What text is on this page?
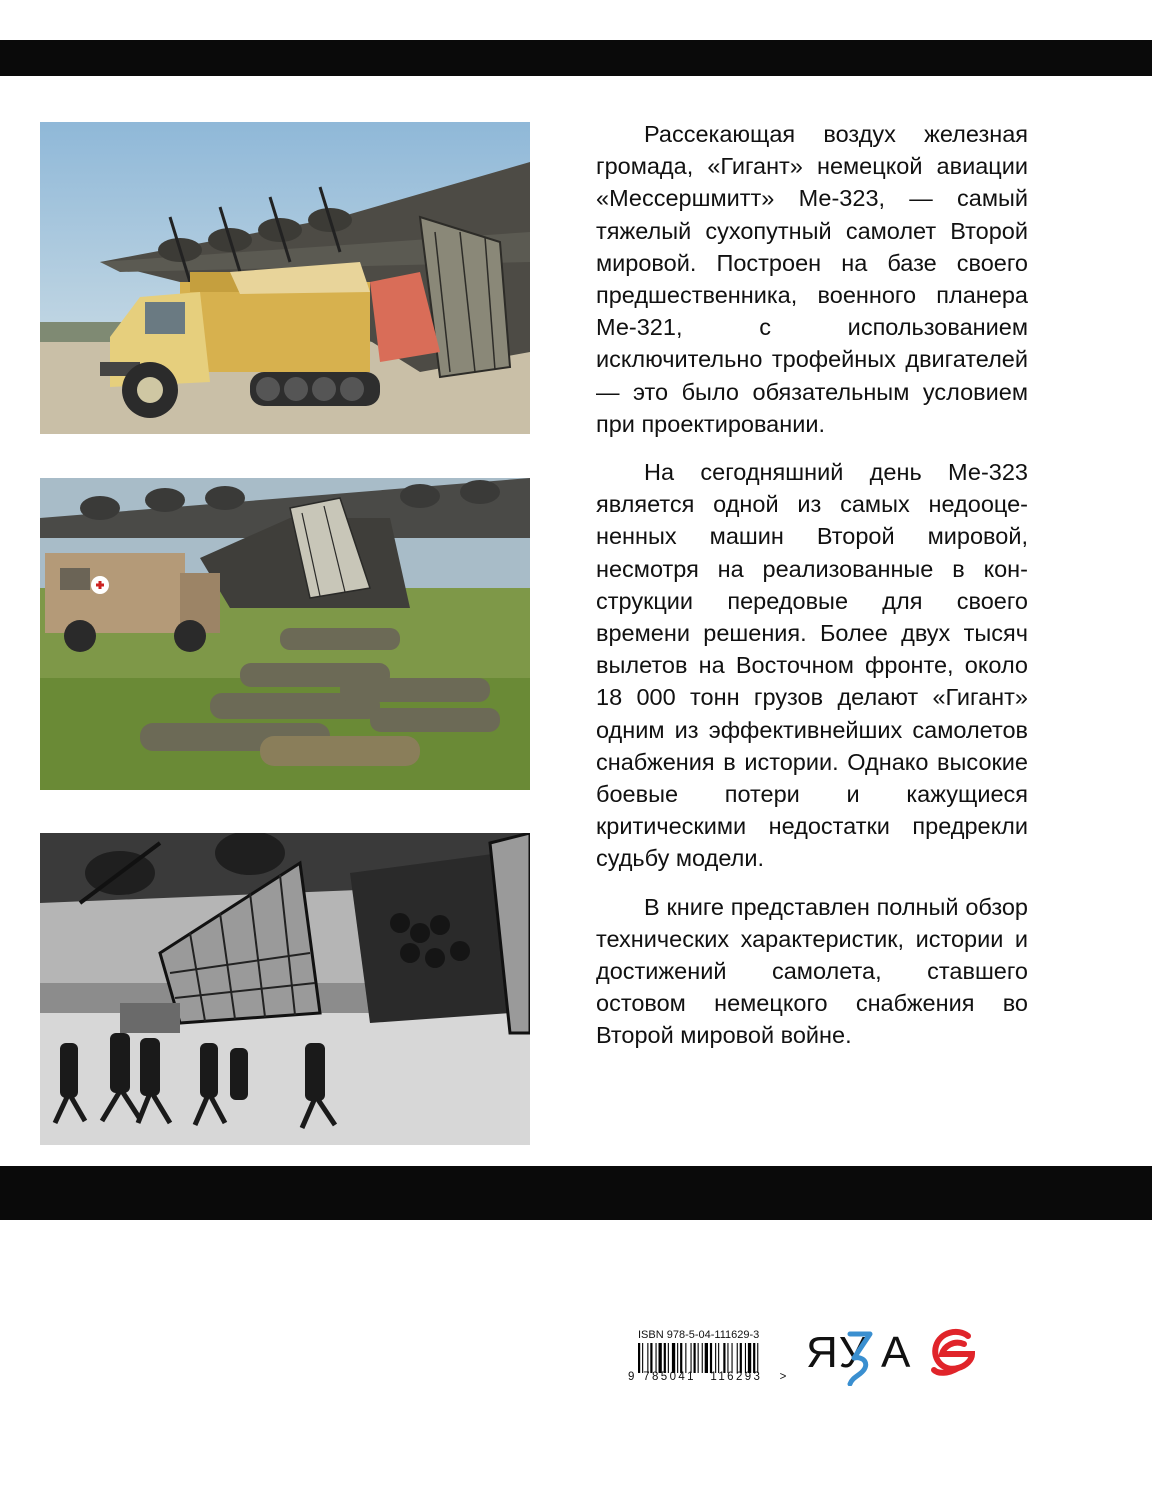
Рассекающая воздух железная громада, «Гигант» немецкой авиации «Мессершмитт» Ме-323, — самый тяжелый сухопутный самолет Второй мировой. Построен на базе своего предшественника, военного планера Ме-321, с использованием исключительно трофейных двигателей — это было обязательным условием при проектировании.

На сегодняшний день Ме-323 является одной из самых недооцененных машин Второй мировой, несмотря на реализованные в конструкции передовые для своего времени решения. Более двух тысяч вылетов на Восточном фронте, около 18 000 тонн грузов делают «Гигант» одним из эффективнейших самолетов снабжения в истории. Однако высокие боевые потери и кажущиеся критическими недостатки предрекли судьбу модели.

В книге представлен полный обзор технических характеристик, истории и достижений самолета, ставшего остовом немецкого снабжения во Второй мировой войне.

ISBN 978-5-04-111629-3
9 785041 116293 > ЯУ А
